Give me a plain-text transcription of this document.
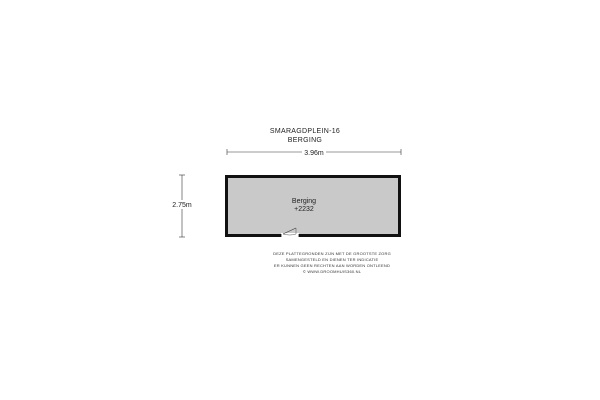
SMARAGDPLEIN-16
BERGING
3.96m
2.75m
Berging
+2232
DEZE PLATTEGRONDEN ZIJN MET DE GROOTSTE ZORG
SAMENGESTELD EN DIENEN TER INDICATIE
ER KUNNEN GEEN RECHTEN AAN WORDEN ONTLEEND
© WWW.DROOMHUIS360.NL
